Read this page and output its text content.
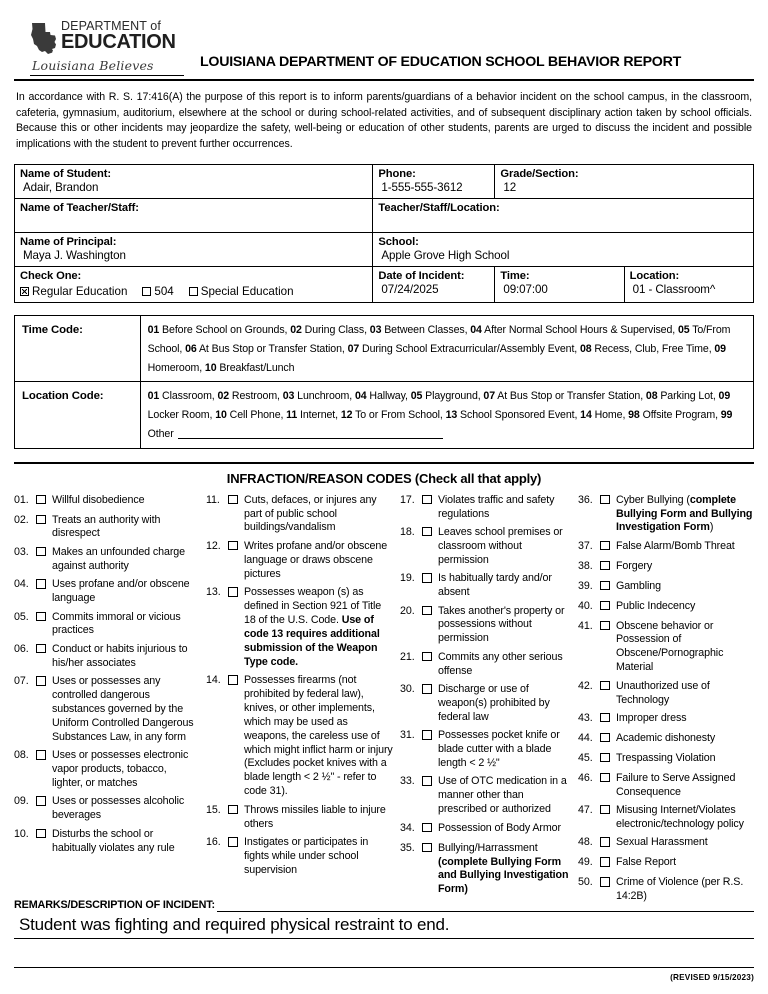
DEPARTMENT of
EDUCATION
Louisiana Believes	LOUISIANA DEPARTMENT OF EDUCATION SCHOOL BEHAVIOR REPORT

In accordance with R. S. 17:416(A) the purpose of this report is to inform parents/guardians of a behavior incident on the school campus, in the classroom, cafeteria, gymnasium, auditorium, elsewhere at the school or during school-related activities, and of subsequent disciplinary action taken by school officials. Because this or other incidents may jeopardize the safety, well-being or education of other students, parents are urged to discuss the incident and possible implications with the student to prevent further occurrences.

Name of Student:
Adair, Brandon	Phone:
1-555-555-3612	Grade/Section:
12	

Name of Teacher/Staff:	Teacher/Staff/Location:		

Name of Principal:
Maya J. Washington	School:
Apple Grove High School		

Check One:
Regular Education 504 Special Education	Date of Incident:
07/24/2025	Time:
09:07:00	Location:
01 - Classroom^
Time Code:	01 Before School on Grounds, 02 During Class, 03 Between Classes, 04 After Normal School Hours & Supervised, 05 To/From School, 06 At Bus Stop or Transfer Station, 07 During School Extracurricular/Assembly Event, 08 Recess, Club, Free Time, 09 Homeroom, 10 Breakfast/Lunch
Location Code:	01 Classroom, 02 Restroom, 03 Lunchroom, 04 Hallway, 05 Playground, 07 At Bus Stop or Transfer Station, 08 Parking Lot, 09 Locker Room, 10 Cell Phone, 11 Internet, 12 To or From School, 13 School Sponsored Event, 14 Home, 98 Offsite Program, 99 Other
INFRACTION/REASON CODES (Check all that apply)
01.	Willful disobedience
02.	Treats an authority with disrespect
03.	Makes an unfounded charge against authority
04.	Uses profane and/or obscene language
05.	Commits immoral or vicious practices
06.	Conduct or habits injurious to his/her associates
07.	Uses or possesses any controlled dangerous substances governed by the Uniform Controlled Dangerous Substances Law, in any form
08.	Uses or possesses electronic vapor products, tobacco, lighter, or matches
09.	Uses or possesses alcoholic beverages
10.	Disturbs the school or habitually violates any rule
11.	Cuts, defaces, or injures any part of public school buildings/vandalism
12.	Writes profane and/or obscene language or draws obscene pictures
13.	Possesses weapon (s) as defined in Section 921 of Title 18 of the U.S. Code. Use of code 13 requires additional submission of the Weapon Type code.
14.	Possesses firearms (not prohibited by federal law), knives, or other implements, which may be used as weapons, the careless use of which might inflict harm or injury (Excludes pocket knives with a blade length < 2 ½" - refer to code 31).
15.	Throws missiles liable to injure others
16.	Instigates or participates in fights while under school supervision
17.	Violates traffic and safety regulations
18.	Leaves school premises or classroom without permission
19.	Is habitually tardy and/or absent
20.	Takes another's property or possessions without permission
21.	Commits any other serious offense
30.	Discharge or use of weapon(s) prohibited by federal law
31.	Possesses pocket knife or blade cutter with a blade length < 2 ½"
33.	Use of OTC medication in a manner other than prescribed or authorized
34.	Possession of Body Armor
35.	Bullying/Harrassment (complete Bullying Form and Bullying Investigation Form)
36.	Cyber Bullying (complete Bullying Form and Bullying Investigation Form)
37.	False Alarm/Bomb Threat
38.	Forgery
39.	Gambling
40.	Public Indecency
41.	Obscene behavior or Possession of Obscene/Pornographic Material
42.	Unauthorized use of Technology
43.	Improper dress
44.	Academic dishonesty
45.	Trespassing Violation
46.	Failure to Serve Assigned Consequence
47.	Misusing Internet/Violates electronic/technology policy
48.	Sexual Harassment
49.	False Report
50.	Crime of Violence (per R.S. 14:2B)
REMARKS/DESCRIPTION OF INCIDENT:
Student was fighting and required physical restraint to end.
(REVISED 9/15/2023)
